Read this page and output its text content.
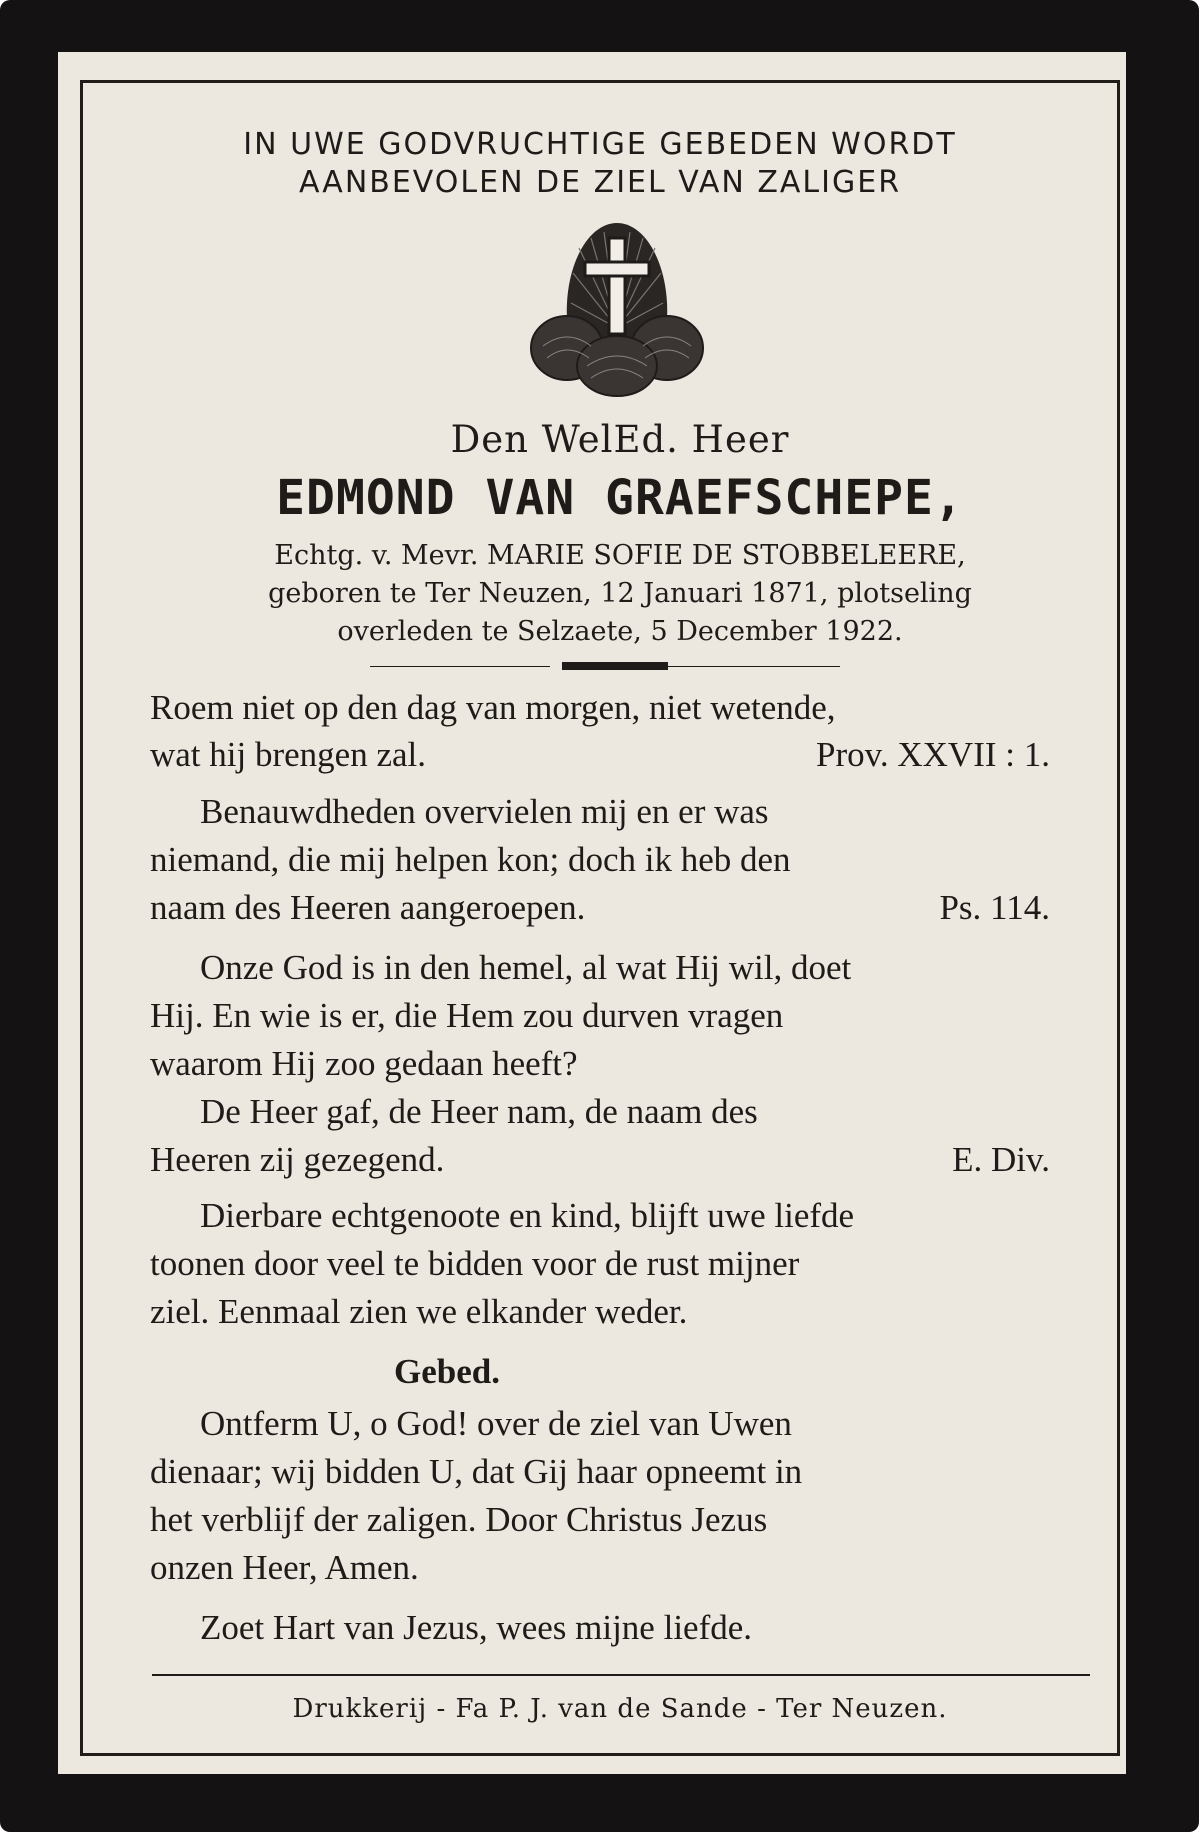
IN UWE GODVRUCHTIGE GEBEDEN WORDT
AANBEVOLEN DE ZIEL VAN ZALIGER
Den WelEd. Heer
EDMOND VAN GRAEFSCHEPE,
Echtg. v. Mevr. MARIE SOFIE DE STOBBELEERE,
geboren te Ter Neuzen, 12 Januari 1871, plotseling
overleden te Selzaete, 5 December 1922.
Roem niet op den dag van morgen, niet wetende,
wat hij brengen zal.	Prov. XXVII : 1.
Benauwdheden overvielen mij en er was
niemand, die mij helpen kon; doch ik heb den
naam des Heeren aangeroepen.	Ps. 114.
Onze God is in den hemel, al wat Hij wil, doet
Hij. En wie is er, die Hem zou durven vragen
waarom Hij zoo gedaan heeft?
De Heer gaf, de Heer nam, de naam des
Heeren zij gezegend.	E. Div.
Dierbare echtgenoote en kind, blijft uwe liefde
toonen door veel te bidden voor de rust mijner
ziel. Eenmaal zien we elkander weder.
Gebed.
Ontferm U, o God! over de ziel van Uwen
dienaar; wij bidden U, dat Gij haar opneemt in
het verblijf der zaligen. Door Christus Jezus
onzen Heer, Amen.
Zoet Hart van Jezus, wees mijne liefde.
Drukkerij - Fa P. J. van de Sande - Ter Neuzen.
